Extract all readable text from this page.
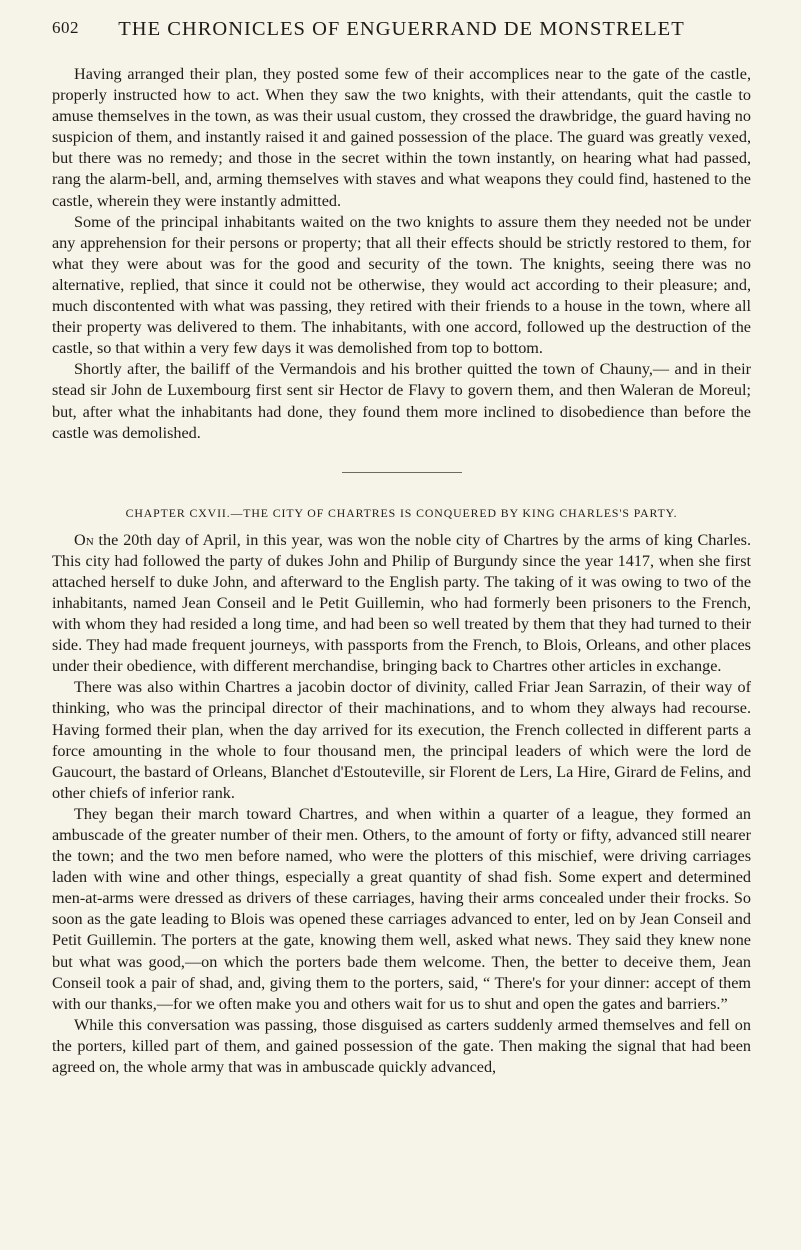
602	THE CHRONICLES OF ENGUERRAND DE MONSTRELET

Having arranged their plan, they posted some few of their accomplices near to the gate of the castle, properly instructed how to act. When they saw the two knights, with their attendants, quit the castle to amuse themselves in the town, as was their usual custom, they crossed the drawbridge, the guard having no suspicion of them, and instantly raised it and gained possession of the place. The guard was greatly vexed, but there was no remedy; and those in the secret within the town instantly, on hearing what had passed, rang the alarm-bell, and, arming themselves with staves and what weapons they could find, hastened to the castle, wherein they were instantly admitted.

Some of the principal inhabitants waited on the two knights to assure them they needed not be under any apprehension for their persons or property; that all their effects should be strictly restored to them, for what they were about was for the good and security of the town. The knights, seeing there was no alternative, replied, that since it could not be otherwise, they would act according to their pleasure; and, much discontented with what was passing, they retired with their friends to a house in the town, where all their property was delivered to them. The inhabitants, with one accord, followed up the destruction of the castle, so that within a very few days it was demolished from top to bottom.

Shortly after, the bailiff of the Vermandois and his brother quitted the town of Chauny,— and in their stead sir John de Luxembourg first sent sir Hector de Flavy to govern them, and then Waleran de Moreul; but, after what the inhabitants had done, they found them more inclined to disobedience than before the castle was demolished.

CHAPTER CXVII.—THE CITY OF CHARTRES IS CONQUERED BY KING CHARLES'S PARTY.

On the 20th day of April, in this year, was won the noble city of Chartres by the arms of king Charles. This city had followed the party of dukes John and Philip of Burgundy since the year 1417, when she first attached herself to duke John, and afterward to the English party. The taking of it was owing to two of the inhabitants, named Jean Conseil and le Petit Guillemin, who had formerly been prisoners to the French, with whom they had resided a long time, and had been so well treated by them that they had turned to their side. They had made frequent journeys, with passports from the French, to Blois, Orleans, and other places under their obedience, with different merchandise, bringing back to Chartres other articles in exchange.

There was also within Chartres a jacobin doctor of divinity, called Friar Jean Sarrazin, of their way of thinking, who was the principal director of their machinations, and to whom they always had recourse. Having formed their plan, when the day arrived for its execution, the French collected in different parts a force amounting in the whole to four thousand men, the principal leaders of which were the lord de Gaucourt, the bastard of Orleans, Blanchet d'Estouteville, sir Florent de Lers, La Hire, Girard de Felins, and other chiefs of inferior rank.

They began their march toward Chartres, and when within a quarter of a league, they formed an ambuscade of the greater number of their men. Others, to the amount of forty or fifty, advanced still nearer the town; and the two men before named, who were the plotters of this mischief, were driving carriages laden with wine and other things, especially a great quantity of shad fish. Some expert and determined men-at-arms were dressed as drivers of these carriages, having their arms concealed under their frocks. So soon as the gate leading to Blois was opened these carriages advanced to enter, led on by Jean Conseil and Petit Guillemin. The porters at the gate, knowing them well, asked what news. They said they knew none but what was good,—on which the porters bade them welcome. Then, the better to deceive them, Jean Conseil took a pair of shad, and, giving them to the porters, said, “ There's for your dinner: accept of them with our thanks,—for we often make you and others wait for us to shut and open the gates and barriers.”

While this conversation was passing, those disguised as carters suddenly armed themselves and fell on the porters, killed part of them, and gained possession of the gate. Then making the signal that had been agreed on, the whole army that was in ambuscade quickly advanced,
